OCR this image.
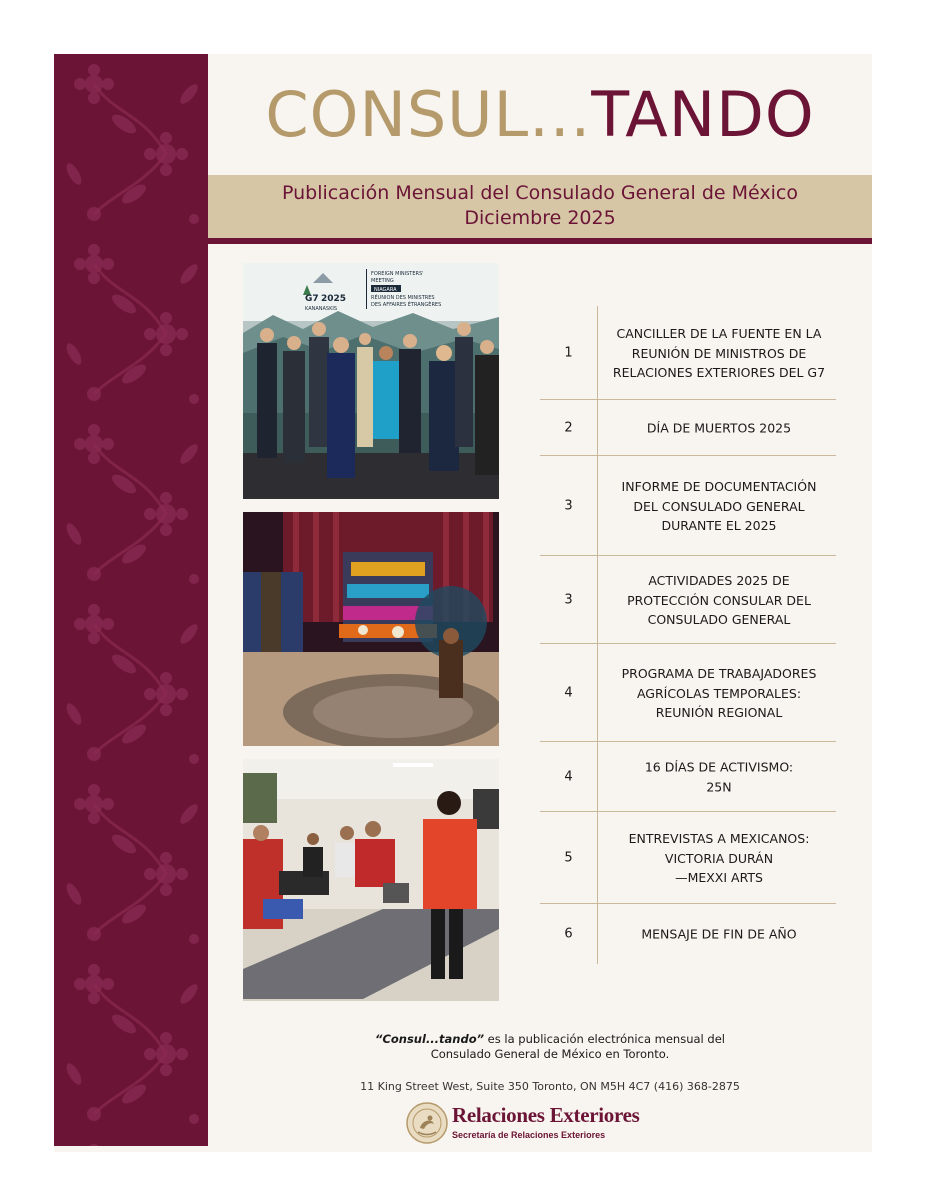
CONSUL...TANDO
Publicación Mensual del Consulado General de México
Diciembre 2025
G7 2025
KANANASKIS
FOREIGN MINISTERS'
MEETING
NIAGARA
RÉUNION DES MINISTRES
DES AFFAIRES ÉTRANGÈRES
1
CANCILLER DE LA FUENTE EN LA
REUNIÓN DE MINISTROS DE
RELACIONES EXTERIORES DEL G7
2	DÍA DE MUERTOS 2025
3
INFORME DE DOCUMENTACIÓN
DEL CONSULADO GENERAL
DURANTE EL 2025
3
ACTIVIDADES 2025 DE
PROTECCIÓN CONSULAR DEL
CONSULADO GENERAL
4
PROGRAMA DE TRABAJADORES
AGRÍCOLAS TEMPORALES:
REUNIÓN REGIONAL
4
16 DÍAS DE ACTIVISMO:
25N
5
ENTREVISTAS A MEXICANOS:
VICTORIA DURÁN
—MEXXI ARTS
6	MENSAJE DE FIN DE AÑO
“Consul...tando” es la publicación electrónica mensual del
Consulado General de México en Toronto.
11 King Street West, Suite 350 Toronto, ON M5H 4C7 (416) 368-2875
Relaciones Exteriores
Secretaría de Relaciones Exteriores
